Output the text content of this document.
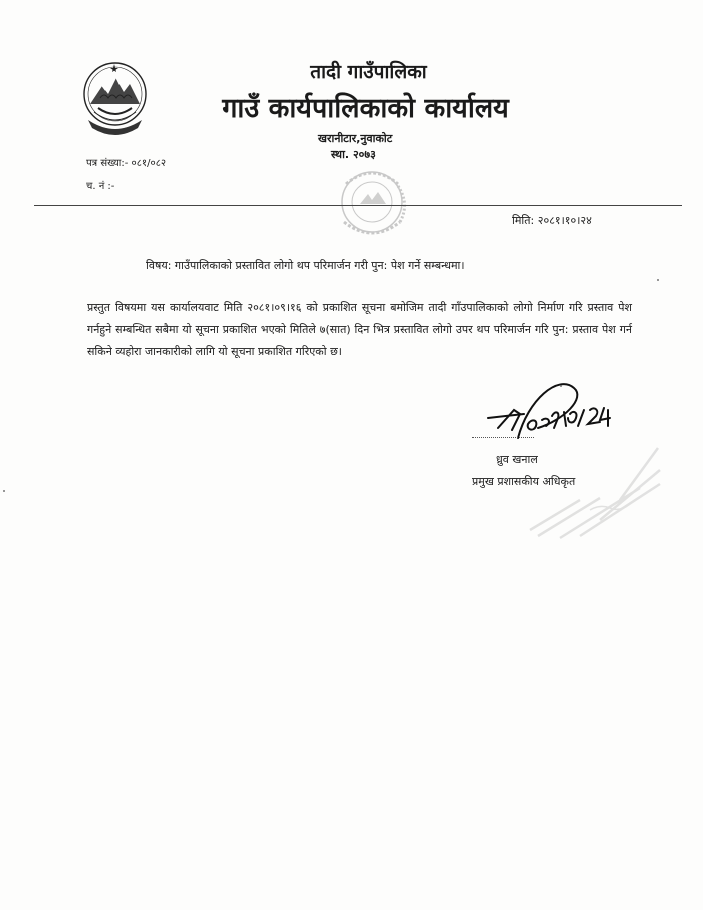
तादी गाउँपालिका
गाउँ कार्यपालिकाको कार्यालय
खरानीटार,नुवाकोट
स्था. २०७३
पत्र संख्या:- ०८१/०८२
च. नं :-
मिति: २०८१।१०।२४
विषय: गाउँपालिकाको प्रस्तावित लोगो थप परिमार्जन गरी पुन: पेश गर्ने सम्बन्धमा।
प्रस्तुत विषयमा यस कार्यालयवाट मिति २०८१।०९।१६ को प्रकाशित सूचना बमोजिम तादी गाँउपालिकाको लोगो निर्माण गरि प्रस्ताव पेश गर्नहुने सम्बन्धित सबैमा यो सूचना प्रकाशित भएको मितिले ७(सात) दिन भित्र प्रस्तावित लोगो उपर थप परिमार्जन गरि पुन: प्रस्ताव पेश गर्न सकिने व्यहोरा जानकारीको लागि यो सूचना प्रकाशित गरिएको छ।
ध्रुव खनाल
प्रमुख प्रशासकीय अधिकृत
